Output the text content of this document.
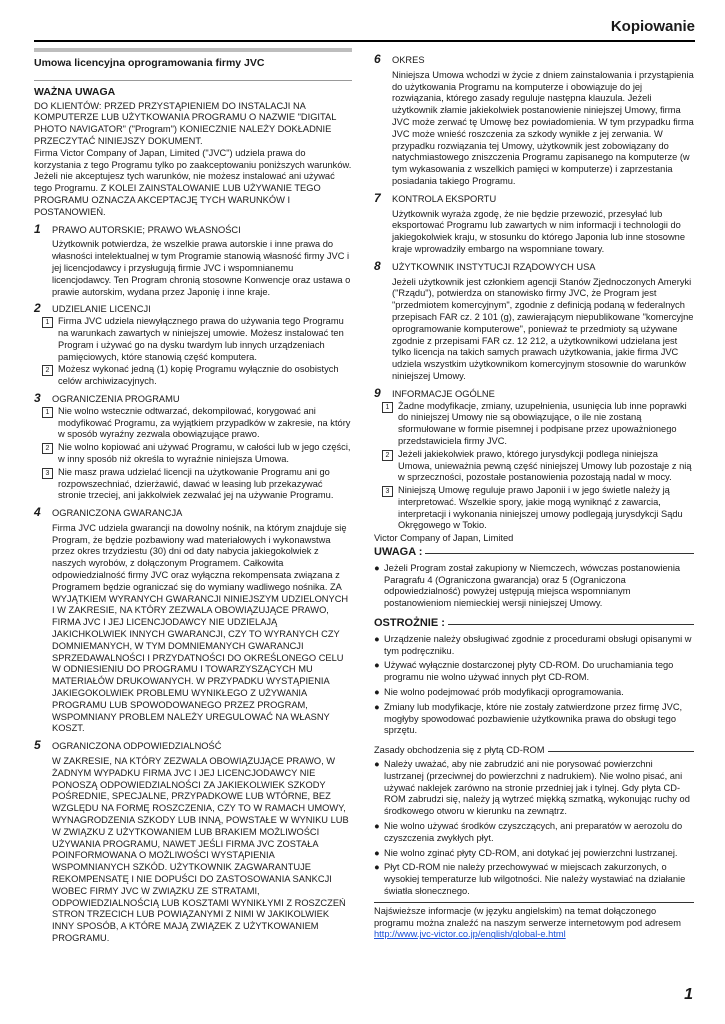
Kopiowanie
Umowa licencyjna oprogramowania firmy JVC
WAŻNA UWAGA

DO KLIENTÓW: PRZED PRZYSTĄPIENIEM DO INSTALACJI NA KOMPUTERZE LUB UŻYTKOWANIA PROGRAMU O NAZWIE "DIGITAL PHOTO NAVIGATOR" ("Program") KONIECZNIE NALEŻY DOKŁADNIE PRZECZYTAĆ NINIEJSZY DOKUMENT.

Firma Victor Company of Japan, Limited ("JVC") udziela prawa do korzystania z tego Programu tylko po zaakceptowaniu poniższych warunków.

Jeżeli nie akceptujesz tych warunków, nie możesz instalować ani używać tego Programu. Z KOLEI ZAINSTALOWANIE LUB UŻYWANIE TEGO PROGRAMU OZNACZA AKCEPTACJĘ TYCH WARUNKÓW I POSTANOWIEŃ.

1	PRAWO AUTORSKIE; PRAWO WŁASNOŚCI
Użytkownik potwierdza, że wszelkie prawa autorskie i inne prawa do własności intelektualnej w tym Programie stanowią własność firmy JVC i jej licencjodawcy i przysługują firmie JVC i wspomnianemu licencjodawcy. Ten Program chronią stosowne Konwencje oraz ustawa o prawie autorskim, wydana przez Japonię i inne kraje.
2	UDZIELANIE LICENCJI
1 Firma JVC udziela niewyłącznego prawa do używania tego Programu na warunkach zawartych w niniejszej umowie. Możesz instalować ten Program i używać go na dysku twardym lub innych urządzeniach pamięciowych, które stanowią część komputera.
2 Możesz wykonać jedną (1) kopię Programu wyłącznie do osobistych celów archiwizacyjnych.
3	OGRANICZENIA PROGRAMU
1 Nie wolno wstecznie odtwarzać, dekompilować, korygować ani modyfikować Programu, za wyjątkiem przypadków w zakresie, na który w sposób wyraźny zezwala obowiązujące prawo.
2 Nie wolno kopiować ani używać Programu, w całości lub w jego części, w inny sposób niż określa to wyraźnie niniejsza Umowa.
3 Nie masz prawa udzielać licencji na użytkowanie Programu ani go rozpowszechniać, dzierżawić, dawać w leasing lub przekazywać stronie trzeciej, ani jakkolwiek zezwalać jej na używanie Programu.
4	OGRANICZONA GWARANCJA
Firma JVC udziela gwarancji na dowolny nośnik, na którym znajduje się Program, że będzie pozbawiony wad materiałowych i wykonawstwa przez okres trzydziestu (30) dni od daty nabycia jakiegokolwiek z naszych wyrobów, z dołączonym Programem. Całkowita odpowiedzialność firmy JVC oraz wyłączna rekompensata związana z Programem będzie ograniczać się do wymiany wadliwego nośnika. ZA WYJĄTKIEM WYRANYCH GWARANCJI NINIEJSZYM UDZIELONYCH I W ZAKRESIE, NA KTÓRY ZEZWALA OBOWIĄZUJĄCE PRAWO, FIRMA JVC I JEJ LICENCJODAWCY NIE UDZIELAJĄ JAKICHKOLWIEK INNYCH GWARANCJI, CZY TO WYRANYCH CZY DOMNIEMANYCH, W TYM DOMNIEMANYCH GWARANCJI SPRZEDAWALNOŚCI I PRZYDATNOŚCI DO OKREŚLONEGO CELU W ODNIESIENIU DO PROGRAMU I TOWARZYSZĄCYCH MU MATERIAŁÓW DRUKOWANYCH. W PRZYPADKU WYSTĄPIENIA JAKIEGOKOLWIEK PROBLEMU WYNIKŁEGO Z UŻYWANIA PROGRAMU LUB SPOWODOWANEGO PRZEZ PROGRAM, WSPOMNIANY PROBLEM NALEŻY UREGULOWAĆ NA WŁASNY KOSZT.
5	OGRANICZONA ODPOWIEDZIALNOŚĆ
W ZAKRESIE, NA KTÓRY ZEZWALA OBOWIĄZUJĄCE PRAWO, W ŻADNYM WYPADKU FIRMA JVC I JEJ LICENCJODAWCY NIE PONOSZĄ ODPOWIEDZIALNOŚCI ZA JAKIEKOLWIEK SZKODY POŚREDNIE, SPECJALNE, PRZYPADKOWE LUB WTÓRNE, BEZ WZGLĘDU NA FORMĘ ROSZCZENIA, CZY TO W RAMACH UMOWY, WYNAGRODZENIA SZKODY LUB INNĄ, POWSTAŁE W WYNIKU LUB W ZWIĄZKU Z UŻYTKOWANIEM LUB BRAKIEM MOŻLIWOŚCI UŻYWANIA PROGRAMU, NAWET JEŚLI FIRMA JVC ZOSTAŁA POINFORMOWANA O MOŻLIWOŚCI WYSTĄPIENIA WSPOMNIANYCH SZKÓD. UŻYTKOWNIK ZAGWARANTUJE REKOMPENSATĘ I NIE DOPUŚCI DO ZASTOSOWANIA SANKCJI WOBEC FIRMY JVC W ZWIĄZKU ZE STRATAMI, ODPOWIEDZIALNOŚCIĄ LUB KOSZTAMI WYNIKŁYMI Z ROSZCZEŃ STRON TRZECICH LUB POWIĄZANYMI Z NIMI W JAKIKOLWIEK INNY SPOSÓB, A KTÓRE MAJĄ ZWIĄZEK Z UŻYTKOWANIEM PROGRAMU.
6	OKRES
Niniejsza Umowa wchodzi w życie z dniem zainstalowania i przystąpienia do użytkowania Programu na komputerze i obowiązuje do jej rozwiązania, którego zasady reguluje następna klauzula. Jeżeli użytkownik złamie jakiekolwiek postanowienie niniejszej Umowy, firma JVC może zerwać tę Umowę bez powiadomienia. W tym przypadku firma JVC może wnieść roszczenia za szkody wynikłe z jej zerwania. W przypadku rozwiązania tej Umowy, użytkownik jest zobowiązany do natychmiastowego zniszczenia Programu zapisanego na komputerze (w tym wykasowania z wszelkich pamięci w komputerze) i zaprzestania posiadania takiego Programu.
7	KONTROLA EKSPORTU
Użytkownik wyraża zgodę, że nie będzie przewozić, przesyłać lub eksportować Programu lub zawartych w nim informacji i technologii do jakiegokolwiek kraju, w stosunku do którego Japonia lub inne stosowne kraje wprowadziły embargo na wspomniane towary.
8	UŻYTKOWNIK INSTYTUCJI RZĄDOWYCH USA
Jeżeli użytkownik jest członkiem agencji Stanów Zjednoczonych Ameryki ("Rządu"), potwierdza on stanowisko firmy JVC, że Program jest "przedmiotem komercyjnym", zgodnie z definicją podaną w federalnych przepisach FAR cz. 2 101 (g), zawierającym niepublikowane "komercyjne oprogramowanie komputerowe", ponieważ te przedmioty są używane zgodnie z przepisami FAR cz. 12 212, a użytkownikowi udzielana jest tylko licencja na takich samych prawach użytkowania, jakie firma JVC udziela wszystkim użytkownikom komercyjnym stosownie do warunków niniejszej Umowy.
9	INFORMACJE OGÓLNE
1 Żadne modyfikacje, zmiany, uzupełnienia, usunięcia lub inne poprawki do niniejszej Umowy nie są obowiązujące, o ile nie zostaną sformułowane w formie pisemnej i podpisane przez upoważnionego przedstawiciela firmy JVC.
2 Jeżeli jakiekolwiek prawo, którego jurysdykcji podlega niniejsza Umowa, unieważnia pewną część niniejszej Umowy lub pozostaje z nią w sprzeczności, pozostałe postanowienia pozostają nadal w mocy.
3 Niniejszą Umowę reguluje prawo Japonii i w jego świetle należy ją interpretować. Wszelkie spory, jakie mogą wyniknąć z zawarcia, interpretacji i wykonania niniejszej umowy podlegają jurysdykcji Sądu Okręgowego w Tokio.
Victor Company of Japan, Limited
UWAGA :
● Jeżeli Program został zakupiony w Niemczech, wówczas postanowienia Paragrafu 4 (Ograniczona gwarancja) oraz 5 (Ograniczona odpowiedzialność) powyżej ustępują miejsca wspomnianym postanowieniom niemieckiej wersji niniejszej Umowy.
OSTROŻNIE :
● Urządzenie należy obsługiwać zgodnie z procedurami obsługi opisanymi w tym podręczniku.
● Używać wyłącznie dostarczonej płyty CD-ROM. Do uruchamiania tego programu nie wolno używać innych płyt CD-ROM.
● Nie wolno podejmować prób modyfikacji oprogramowania.
● Zmiany lub modyfikacje, które nie zostały zatwierdzone przez firmę JVC, mogłyby spowodować pozbawienie użytkownika prawa do obsługi tego sprzętu.
Zasady obchodzenia się z płytą CD-ROM
● Należy uważać, aby nie zabrudzić ani nie porysować powierzchni lustrzanej (przeciwnej do powierzchni z nadrukiem). Nie wolno pisać, ani używać naklejek zarówno na stronie przedniej jak i tylnej. Gdy płyta CD-ROM zabrudzi się, należy ją wytrzeć miękką szmatką, wykonując ruchy od środkowego otworu w kierunku na zewnątrz.
● Nie wolno używać środków czyszczących, ani preparatów w aerozolu do czyszczenia zwykłych płyt.
● Nie wolno zginać płyty CD-ROM, ani dotykać jej powierzchni lustrzanej.
● Płyt CD-ROM nie należy przechowywać w miejscach zakurzonych, o wysokiej temperaturze lub wilgotności. Nie należy wystawiać na działanie światła słonecznego.
Najświeższe informacje (w języku angielskim) na temat dołączonego programu można znaleźć na naszym serwerze internetowym pod adresem http://www.jvc-victor.co.jp/english/global-e.html
1
